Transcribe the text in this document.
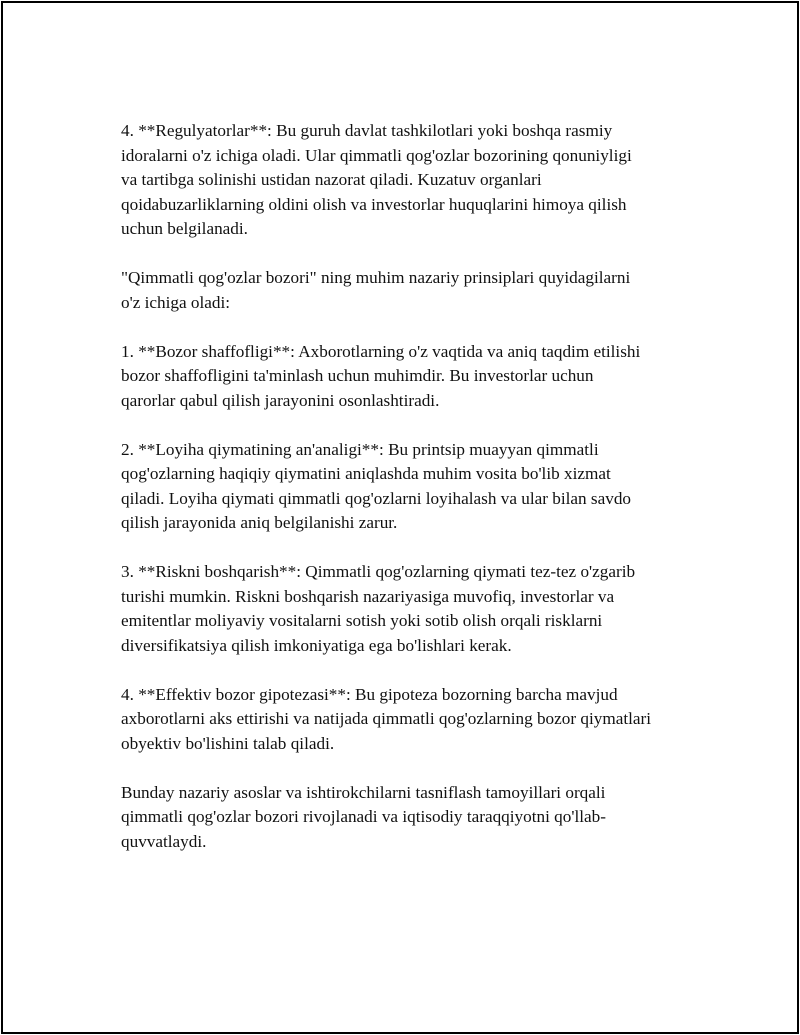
4. **Regulyatorlar**: Bu guruh davlat tashkilotlari yoki boshqa rasmiy
idoralarni o'z ichiga oladi. Ular qimmatli qog'ozlar bozorining qonuniyligi
va tartibga solinishi ustidan nazorat qiladi. Kuzatuv organlari
qoidabuzarliklarning oldini olish va investorlar huquqlarini himoya qilish
uchun belgilanadi.

"Qimmatli qog'ozlar bozori" ning muhim nazariy prinsiplari quyidagilarni
o'z ichiga oladi:

1. **Bozor shaffofligi**: Axborotlarning o'z vaqtida va aniq taqdim etilishi
bozor shaffofligini ta'minlash uchun muhimdir. Bu investorlar uchun
qarorlar qabul qilish jarayonini osonlashtiradi.

2. **Loyiha qiymatining an'analigi**: Bu printsip muayyan qimmatli
qog'ozlarning haqiqiy qiymatini aniqlashda muhim vosita bo'lib xizmat
qiladi. Loyiha qiymati qimmatli qog'ozlarni loyihalash va ular bilan savdo
qilish jarayonida aniq belgilanishi zarur.

3. **Riskni boshqarish**: Qimmatli qog'ozlarning qiymati tez-tez o'zgarib
turishi mumkin. Riskni boshqarish nazariyasiga muvofiq, investorlar va
emitentlar moliyaviy vositalarni sotish yoki sotib olish orqali risklarni
diversifikatsiya qilish imkoniyatiga ega bo'lishlari kerak.

4. **Effektiv bozor gipotezasi**: Bu gipoteza bozorning barcha mavjud
axborotlarni aks ettirishi va natijada qimmatli qog'ozlarning bozor qiymatlari
obyektiv bo'lishini talab qiladi.

Bunday nazariy asoslar va ishtirokchilarni tasniflash tamoyillari orqali
qimmatli qog'ozlar bozori rivojlanadi va iqtisodiy taraqqiyotni qo'llab-
quvvatlaydi.
